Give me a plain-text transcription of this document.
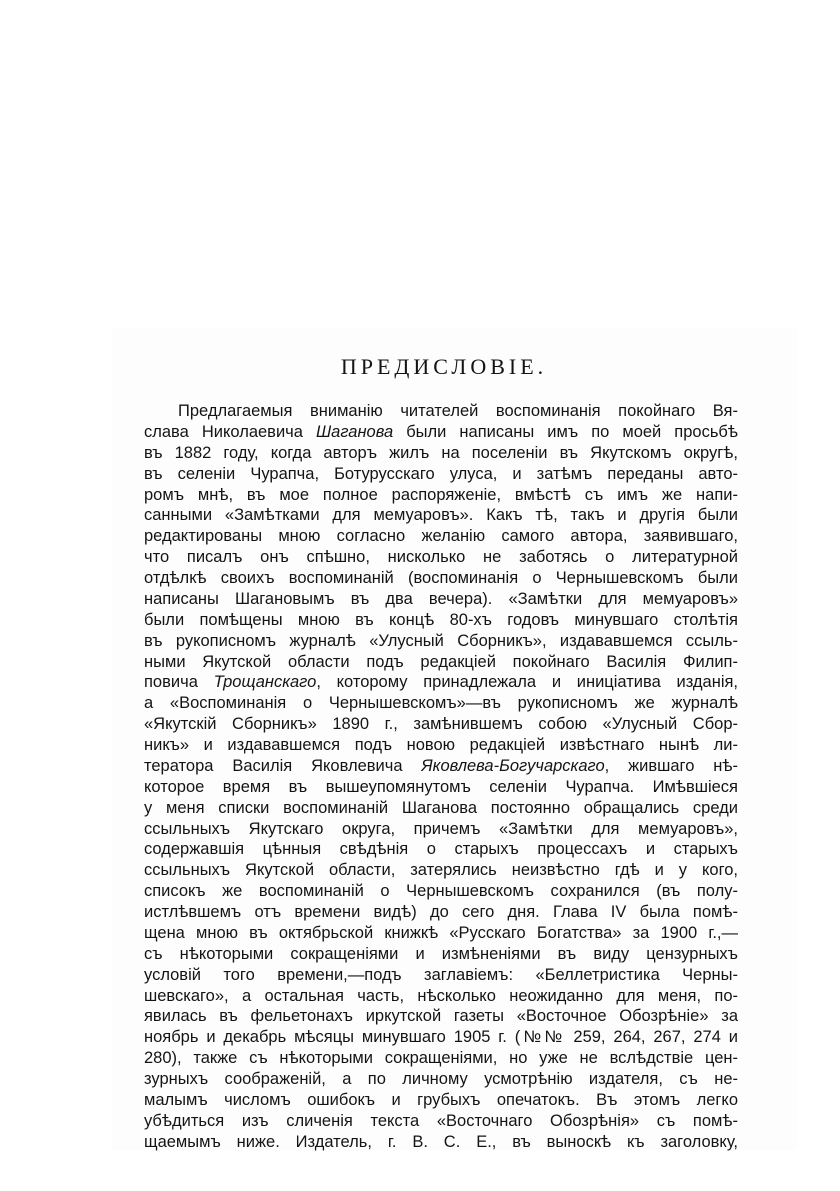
ПРЕДИСЛОВІЕ.
Предлагаемыя вниманію читателей воспоминанія покойнаго Вя-
слава Николаевича Шаганова были написаны имъ по моей просьбѣ
въ 1882 году, когда авторъ жилъ на поселеніи въ Якутскомъ округѣ,
въ селеніи Чурапча, Ботурусскаго улуса, и затѣмъ переданы авто-
ромъ мнѣ, въ мое полное распоряженіе, вмѣстѣ съ имъ же напи-
санными «Замѣтками для мемуаровъ». Какъ тѣ, такъ и другія были
редактированы мною согласно желанію самого автора, заявившаго,
что писалъ онъ спѣшно, нисколько не заботясь о литературной
отдѣлкѣ своихъ воспоминаній (воспоминанія о Чернышевскомъ были
написаны Шагановымъ въ два вечера). «Замѣтки для мемуаровъ»
были помѣщены мною въ концѣ 80-хъ годовъ минувшаго столѣтія
въ рукописномъ журналѣ «Улусный Сборникъ», издававшемся ссыль-
ными Якутской области подъ редакціей покойнаго Василія Филип-
повича Трощанскаго, которому принадлежала и иниціатива изданія,
а «Воспоминанія о Чернышевскомъ»—въ рукописномъ же журналѣ
«Якутскій Сборникъ» 1890 г., замѣнившемъ собою «Улусный Сбор-
никъ» и издававшемся подъ новою редакціей извѣстнаго нынѣ ли-
тератора Василія Яковлевича Яковлева-Богучарскаго, жившаго нѣ-
которое время въ вышеупомянутомъ селеніи Чурапча. Имѣвшіеся
у меня списки воспоминаній Шаганова постоянно обращались среди
ссыльныхъ Якутскаго округа, причемъ «Замѣтки для мемуаровъ»,
содержавшія цѣнныя свѣдѣнія о старыхъ процессахъ и старыхъ
ссыльныхъ Якутской области, затерялись неизвѣстно гдѣ и у кого,
списокъ же воспоминаній о Чернышевскомъ сохранился (въ полу-
истлѣвшемъ отъ времени видѣ) до сего дня. Глава IV была помѣ-
щена мною въ октябрьской книжкѣ «Русскаго Богатства» за 1900 г.,—
съ нѣкоторыми сокращеніями и измѣненіями въ виду цензурныхъ
условій того времени,—подъ заглавіемъ: «Беллетристика Черны-
шевскаго», а остальная часть, нѣсколько неожиданно для меня, по-
явилась въ фельетонахъ иркутской газеты «Восточное Обозрѣніе» за
ноябрь и декабрь мѣсяцы минувшаго 1905 г. (№№ 259, 264, 267, 274 и
280), также съ нѣкоторыми сокращеніями, но уже не вслѣдствіе цен-
зурныхъ соображеній, а по личному усмотрѣнію издателя, съ не-
малымъ числомъ ошибокъ и грубыхъ опечатокъ. Въ этомъ легко
убѣдиться изъ сличенія текста «Восточнаго Обозрѣнія» съ помѣ-
щаемымъ ниже. Издатель, г. В. С. Е., въ выноскѣ къ заголовку,
